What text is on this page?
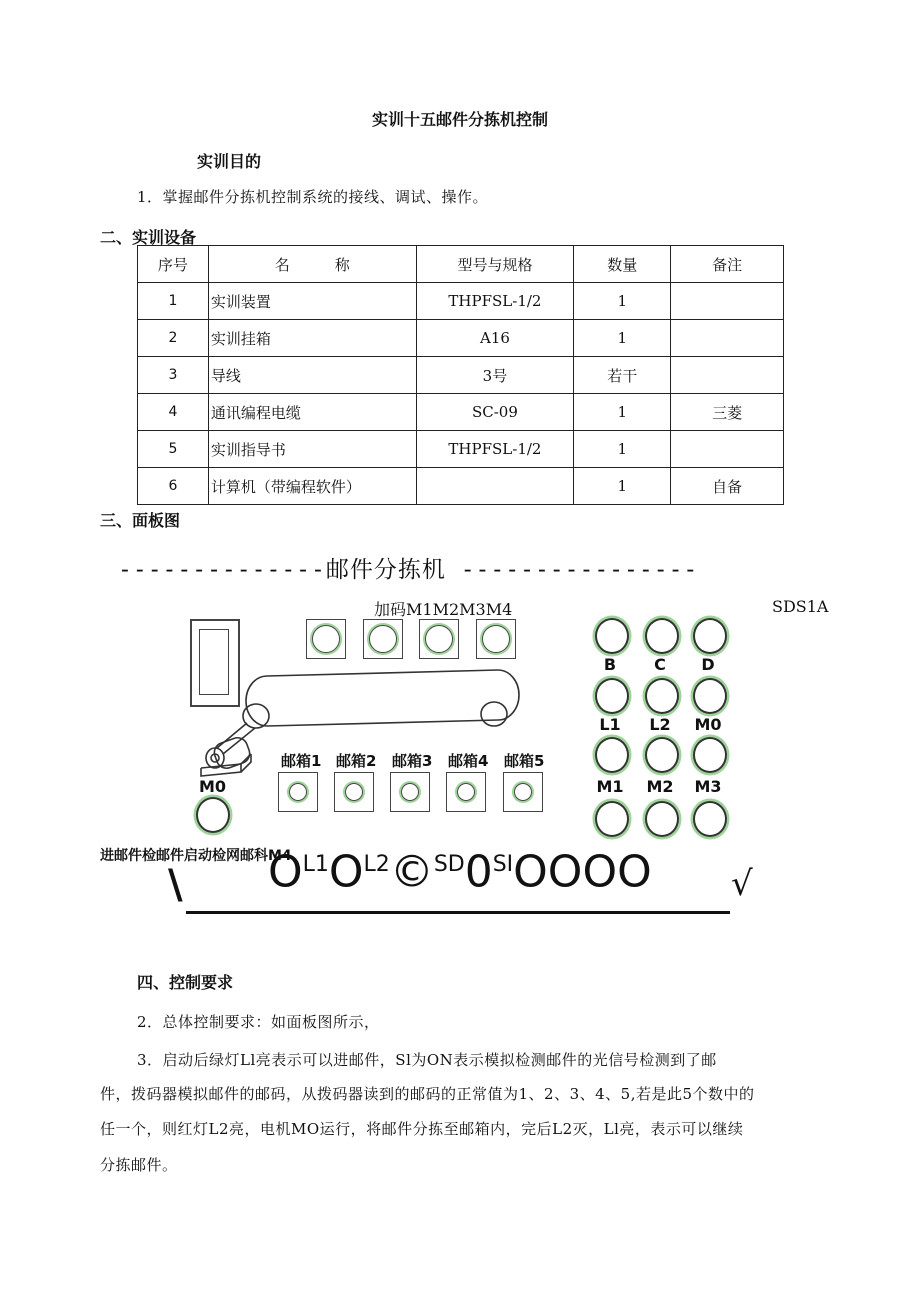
实训十五邮件分拣机控制
实训目的
1．掌握邮件分拣机控制系统的接线、调试、操作。
二、实训设备
序号	名　　　称	型号与规格	数量	备注
1	实训装置	THPFSL-1/2	1	
2	实训挂箱	A16	1	
3	导线	3号	若干	
4	通讯编程电缆	SC-09	1	三菱
5	实训指导书	THPFSL-1/2	1	
6	计算机（带编程软件）		1	自备
三、面板图
--------------邮件分拣机 ----------------
加码M1M2M3M4	SDS1A
M0
邮箱1 邮箱2 邮箱3 邮箱4 邮箱5
B	C	D
L1	L2	M0
M1	M2	M3
进邮件检邮件启动检网邮科M4
$O^{L1}O^{L2}©^{SD}0^{SI}OOOO$
\	√
四、控制要求
2．总体控制要求：如面板图所示，
3．启动后绿灯Ll亮表示可以进邮件，Sl为ON表示模拟检测邮件的光信号检测到了邮
件，拨码器模拟邮件的邮码，从拨码器读到的邮码的正常值为1、2、3、4、5,若是此5个数中的
任一个，则红灯L2亮，电机MO运行，将邮件分拣至邮箱内，完后L2灭，Ll亮，表示可以继续
分拣邮件。
